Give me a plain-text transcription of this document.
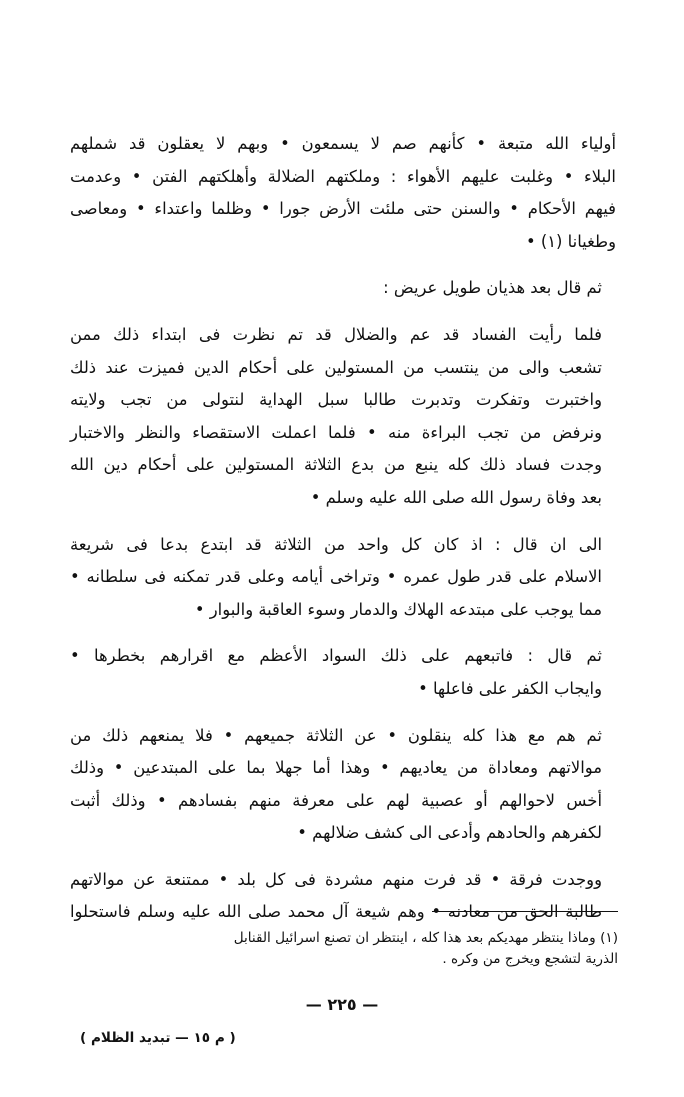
أولياء الله متبعة • كأنهم صم لا يسمعون • وبهم لا يعقلون قد شملهم
البلاء • وغلبت عليهم الأهواء : وملكتهم الضلالة وأهلكتهم الفتن • وعدمت
فيهم الأحكام • والسنن حتى ملئت الأرض جورا • وظلما واعتداء • ومعاصى
وطغيانا (١) •

ثم قال بعد هذيان طويل عريض :

فلما رأيت الفساد قد عم والضلال قد تم نظرت فى ابتداء ذلك ممن
تشعب والى من ينتسب من المستولين على أحكام الدين فميزت عند ذلك
واختبرت وتفكرت وتدبرت طالبا سبل الهداية لنتولى من تجب ولايته
ونرفض من تجب البراءة منه • فلما اعملت الاستقصاء والنظر والاختبار
وجدت فساد ذلك كله ينبع من بدع الثلاثة المستولين على أحكام دين الله
بعد وفاة رسول الله صلى الله عليه وسلم •

الى ان قال : اذ كان كل واحد من الثلاثة قد ابتدع بدعا فى شريعة
الاسلام على قدر طول عمره • وتراخى أيامه وعلى قدر تمكنه فى سلطانه •
مما يوجب على مبتدعه الهلاك والدمار وسوء العاقبة والبوار •

ثم قال : فاتبعهم على ذلك السواد الأعظم مع اقرارهم بخطرها •
وايجاب الكفر على فاعلها •

ثم هم مع هذا كله ينقلون • عن الثلاثة جميعهم • فلا يمنعهم ذلك من
موالاتهم ومعاداة من يعاديهم • وهذا أما جهلا بما على المبتدعين • وذلك
أخس لاحوالهم أو عصبية لهم على معرفة منهم بفسادهم • وذلك أثبت
لكفرهم والحادهم وأدعى الى كشف ضلالهم •

ووجدت فرقة • قد فرت منهم مشردة فى كل بلد • ممتنعة عن موالاتهم
طالبة الحق من معادنه • وهم شيعة آل محمد صلى الله عليه وسلم فاستحلوا

(١) وماذا ينتظر مهديكم بعد هذا كله ، اينتظر ان تصنع اسرائيل القنابل
الذرية لتشجع ويخرج من وكره .
— ٢٢٥ —
( م ١٥ — تبديد الظلام )
